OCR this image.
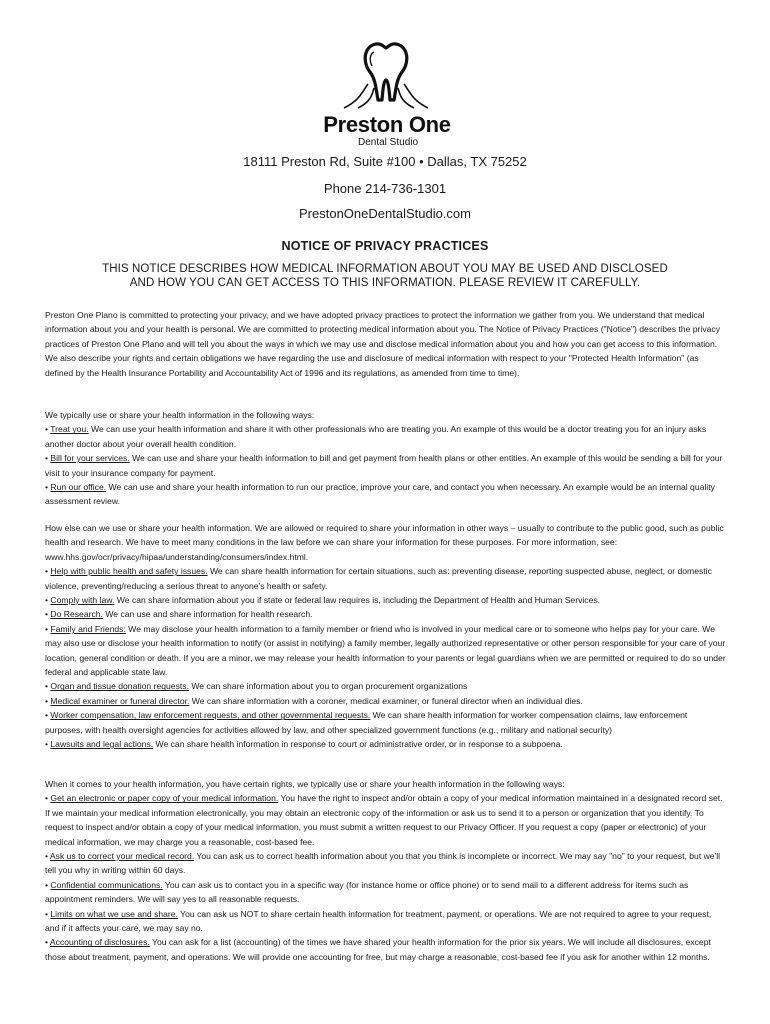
Preston One
Dental Studio

18111 Preston Rd, Suite #100 • Dallas, TX 75252

Phone 214-736-1301

PrestonOneDentalStudio.com

NOTICE OF PRIVACY PRACTICES

THIS NOTICE DESCRIBES HOW MEDICAL INFORMATION ABOUT YOU MAY BE USED AND DISCLOSED
AND HOW YOU CAN GET ACCESS TO THIS INFORMATION. PLEASE REVIEW IT CAREFULLY.

Preston One Plano is committed to protecting your privacy, and we have adopted privacy practices to protect the information we gather from you. We understand that medical information about you and your health is personal. We are committed to protecting medical information about you. The Notice of Privacy Practices ("Notice") describes the privacy practices of Preston One Plano and will tell you about the ways in which we may use and disclose medical information about you and how you can get access to this information. We also describe your rights and certain obligations we have regarding the use and disclosure of medical information with respect to your "Protected Health Information" (as defined by the Health Insurance Portability and Accountability Act of 1996 and its regulations, as amended from time to time).

We typically use or share your health information in the following ways:
• Treat you. We can use your health information and share it with other professionals who are treating you. An example of this would be a doctor treating you for an injury asks another doctor about your overall health condition.
• Bill for your services. We can use and share your health information to bill and get payment from health plans or other entities. An example of this would be sending a bill for your visit to your insurance company for payment.
• Run our office. We can use and share your health information to run our practice, improve your care, and contact you when necessary. An example would be an internal quality assessment review.
How else can we use or share your health information. We are allowed or required to share your information in other ways – usually to contribute to the public good, such as public health and research. We have to meet many conditions in the law before we can share your information for these purposes. For more information, see: www.hhs.gov/ocr/privacy/hipaa/understanding/consumers/index.html.
• Help with public health and safety issues. We can share health information for certain situations, such as: preventing disease, reporting suspected abuse, neglect, or domestic violence, preventing/reducing a serious threat to anyone's health or safety.
• Comply with law. We can share information about you if state or federal law requires is, including the Department of Health and Human Services.
• Do Research. We can use and share information for health research.
• Family and Friends: We may disclose your health information to a family member or friend who is involved in your medical care or to someone who helps pay for your care. We may also use or disclose your health information to notify (or assist in notifying) a family member, legally authorized representative or other person responsible for your care of your location, general condition or death. If you are a minor, we may release your health information to your parents or legal guardians when we are permitted or required to do so under federal and applicable state law.
• Organ and tissue donation requests. We can share information about you to organ procurement organizations
• Medical examiner or funeral director. We can share information with a coroner, medical examiner, or funeral director when an individual dies.
• Worker compensation, law enforcement requests, and other governmental requests. We can share health information for worker compensation claims, law enforcement purposes, with health oversight agencies for activities allowed by law, and other specialized government functions (e.g., military and national security)
• Lawsuits and legal actions. We can share health information in response to court or administrative order, or in response to a subpoena.
When it comes to your health information, you have certain rights, we typically use or share your health information in the following ways:
• Get an electronic or paper copy of your medical information. You have the right to inspect and/or obtain a copy of your medical information maintained in a designated record set. If we maintain your medical information electronically, you may obtain an electronic copy of the information or ask us to send it to a person or organization that you identify. To request to inspect and/or obtain a copy of your medical information, you must submit a written request to our Privacy Officer. If you request a copy (paper or electronic) of your medical information, we may charge you a reasonable, cost-based fee.
• Ask us to correct your medical record. You can ask us to correct health information about you that you think is incomplete or incorrect. We may say "no" to your request, but we'll tell you why in writing within 60 days.
• Confidential communications. You can ask us to contact you in a specific way (for instance home or office phone) or to send mail to a different address for items such as appointment reminders. We will say yes to all reasonable requests.
• Limits on what we use and share. You can ask us NOT to share certain health information for treatment, payment, or operations. We are not required to agree to your request, and if it affects your care, we may say no.
• Accounting of disclosures. You can ask for a list (accounting) of the times we have shared your health information for the prior six years. We will include all disclosures, except those about treatment, payment, and operations. We will provide one accounting for free, but may charge a reasonable, cost-based fee if you ask for another within 12 months.
